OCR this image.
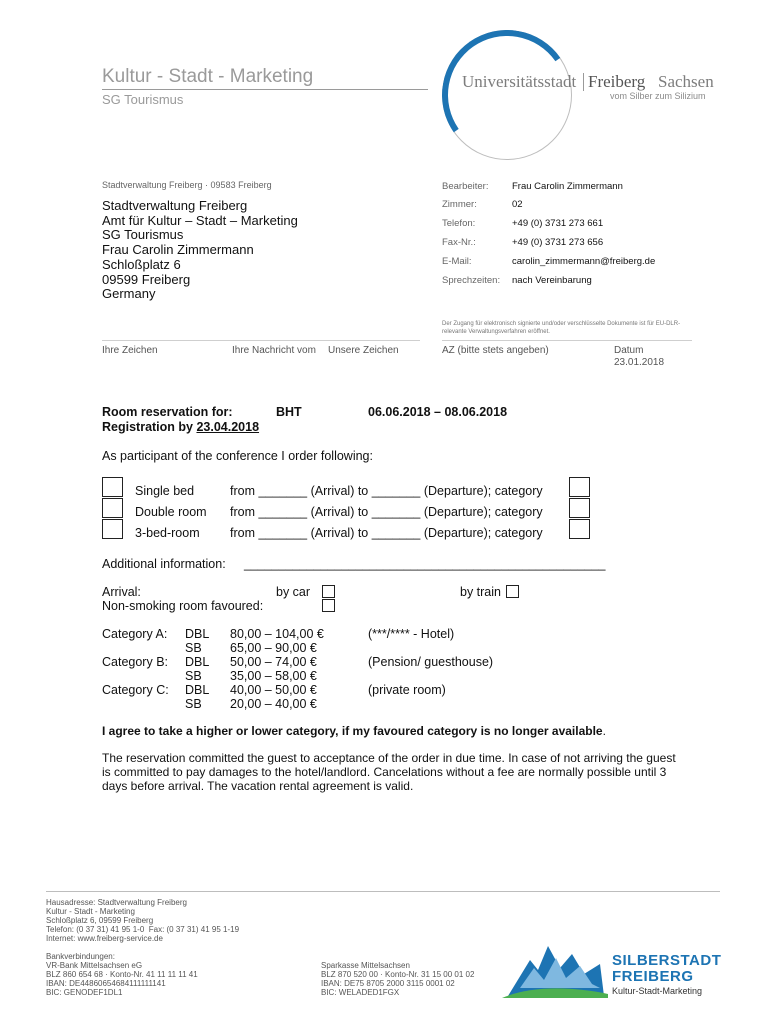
Kultur - Stadt - Marketing
SG Tourismus
Universitätsstadt Freiberg Sachsen
vom Silber zum Silizium
Stadtverwaltung Freiberg · 09583 Freiberg
Stadtverwaltung Freiberg
Amt für Kultur – Stadt – Marketing
SG Tourismus
Frau Carolin Zimmermann
Schloßplatz 6
09599 Freiberg
Germany
Bearbeiter: Frau Carolin Zimmermann
Zimmer:	02
Telefon:	+49 (0) 3731 273 661
Fax-Nr.:	+49 (0) 3731 273 656
E-Mail:	carolin_zimmermann@freiberg.de
Sprechzeiten: nach Vereinbarung
Der Zugang für elektronisch signierte und/oder verschlüsselte Dokumente ist für EU-DLR-relevante Verwaltungsverfahren eröffnet.
Ihre Zeichen	Ihre Nachricht vom Unsere Zeichen	AZ (bitte stets angeben)	Datum
23.01.2018
Room reservation for:	BHT	06.06.2018 – 08.06.2018
Registration by 23.04.2018
As participant of the conference I order following:
Single bed	from _______ (Arrival) to _______ (Departure); category
Double room from _______ (Arrival) to _______ (Departure); category
3-bed-room from _______ (Arrival) to _______ (Departure); category
Additional information: ____________________________________________________
Arrival:	by car	by train
Non-smoking room favoured:
Category A: DBL 80,00 – 104,00 €	(***/**** - Hotel)
SB 65,00 – 90,00 €
Category B: DBL 50,00 – 74,00 €	(Pension/ guesthouse)
SB 35,00 – 58,00 €
Category C: DBL 40,00 – 50,00 €	(private room)
SB 20,00 – 40,00 €
I agree to take a higher or lower category, if my favoured category is no longer available.
The reservation committed the guest to acceptance of the order in due time. In case of not arriving the guest is committed to pay damages to the hotel/landlord. Cancelations without a fee are normally possible until 3 days before arrival. The vacation rental agreement is valid.
Hausadresse: Stadtverwaltung Freiberg
Kultur - Stadt - Marketing
Schloßplatz 6, 09599 Freiberg
Telefon: (0 37 31) 41 95 1-0  Fax: (0 37 31) 41 95 1-19
Internet: www.freiberg-service.de
Bankverbindungen:
VR-Bank Mittelsachsen eG
BLZ 860 654 68 · Konto-Nr. 41 11 11 11 41
IBAN: DE44860654684111111141
BIC: GENODEF1DL1
Sparkasse Mittelsachsen
BLZ 870 520 00 · Konto-Nr. 31 15 00 01 02
IBAN: DE75 8705 2000 3115 0001 02
BIC: WELADED1FGX
SILBERSTADT
FREIBERG
Kultur-Stadt-Marketing
